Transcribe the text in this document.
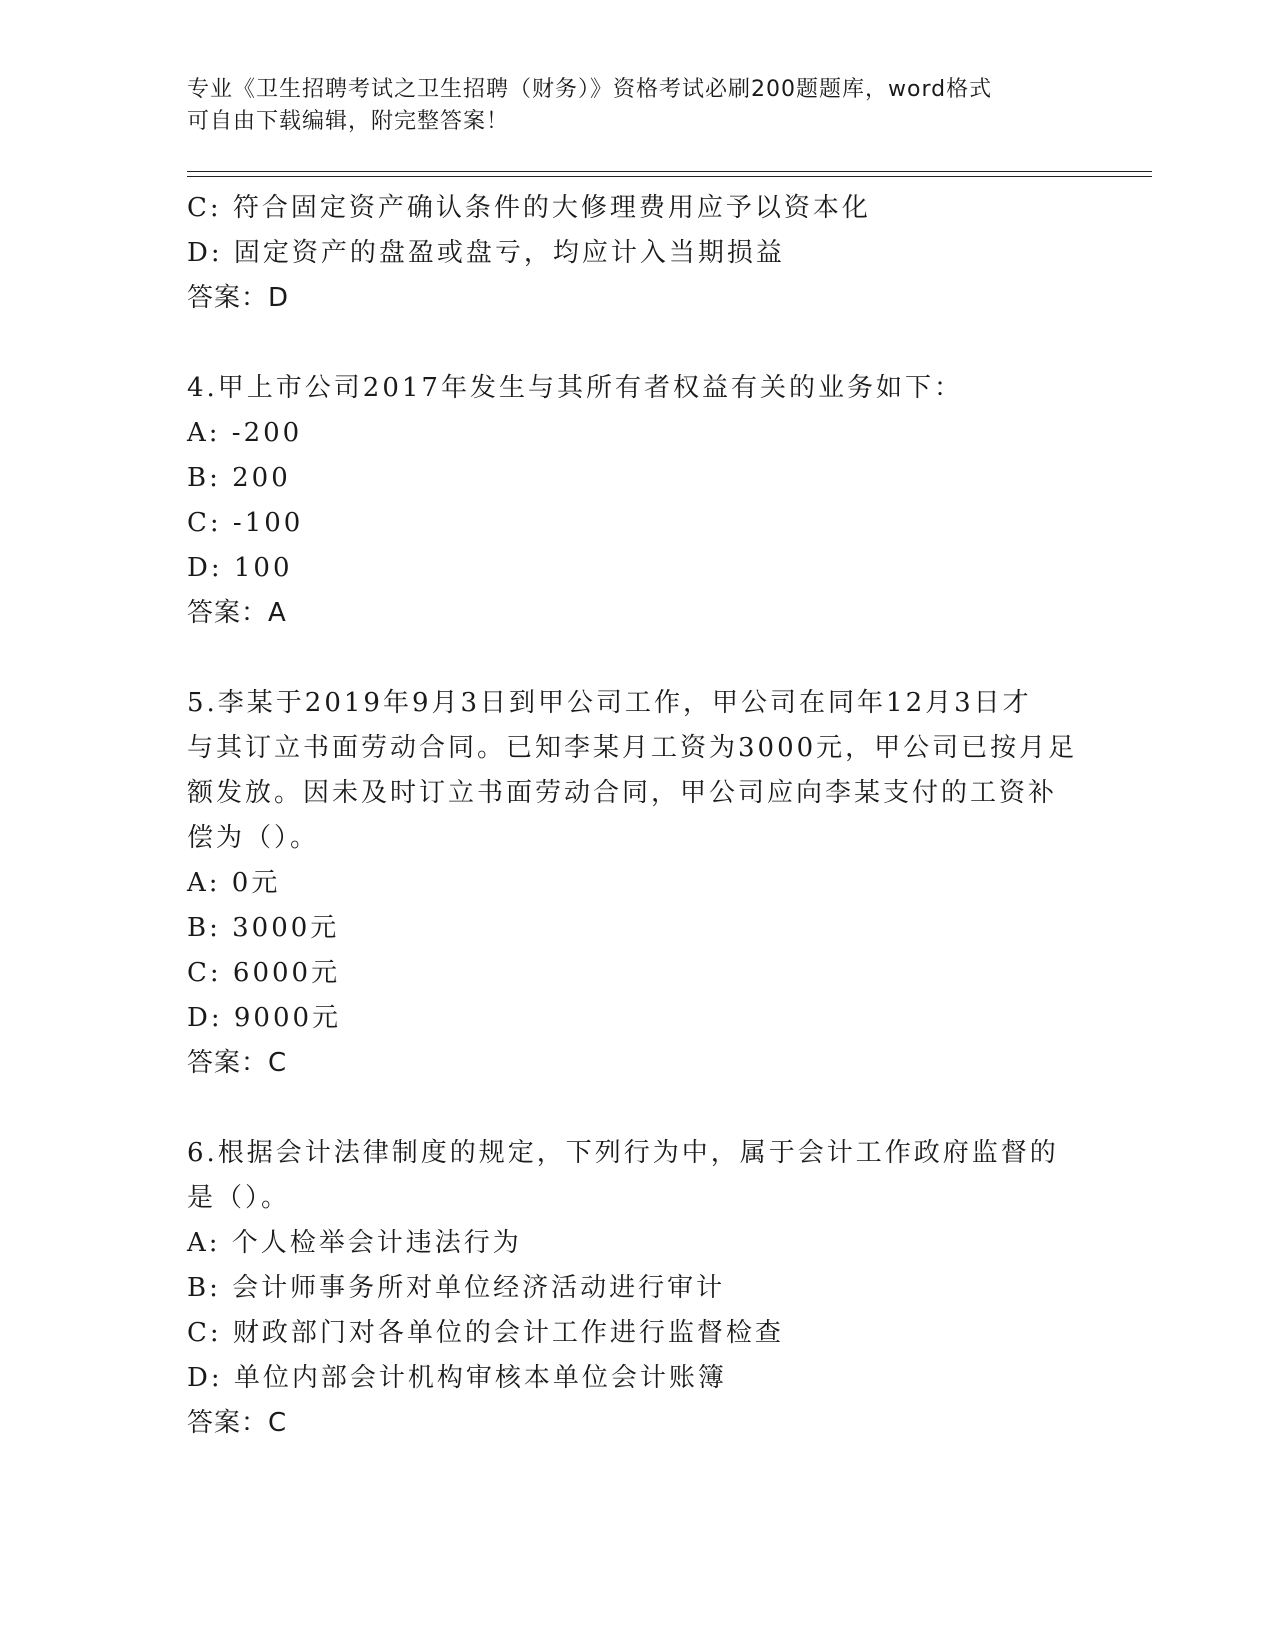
专业《卫生招聘考试之卫生招聘（财务）》资格考试必刷200题题库，word格式
可自由下载编辑，附完整答案！
C: 符合固定资产确认条件的大修理费用应予以资本化
D: 固定资产的盘盈或盘亏，均应计入当期损益
答案：D
4.甲上市公司2017年发生与其所有者权益有关的业务如下：
A: -200
B: 200
C: -100
D: 100
答案：A
5.李某于2019年9月3日到甲公司工作，甲公司在同年12月3日才
与其订立书面劳动合同。已知李某月工资为3000元，甲公司已按月足
额发放。因未及时订立书面劳动合同，甲公司应向李某支付的工资补
偿为（）。
A: 0元
B: 3000元
C: 6000元
D: 9000元
答案：C
6.根据会计法律制度的规定，下列行为中，属于会计工作政府监督的
是（）。
A: 个人检举会计违法行为
B: 会计师事务所对单位经济活动进行审计
C: 财政部门对各单位的会计工作进行监督检查
D: 单位内部会计机构审核本单位会计账簿
答案：C
